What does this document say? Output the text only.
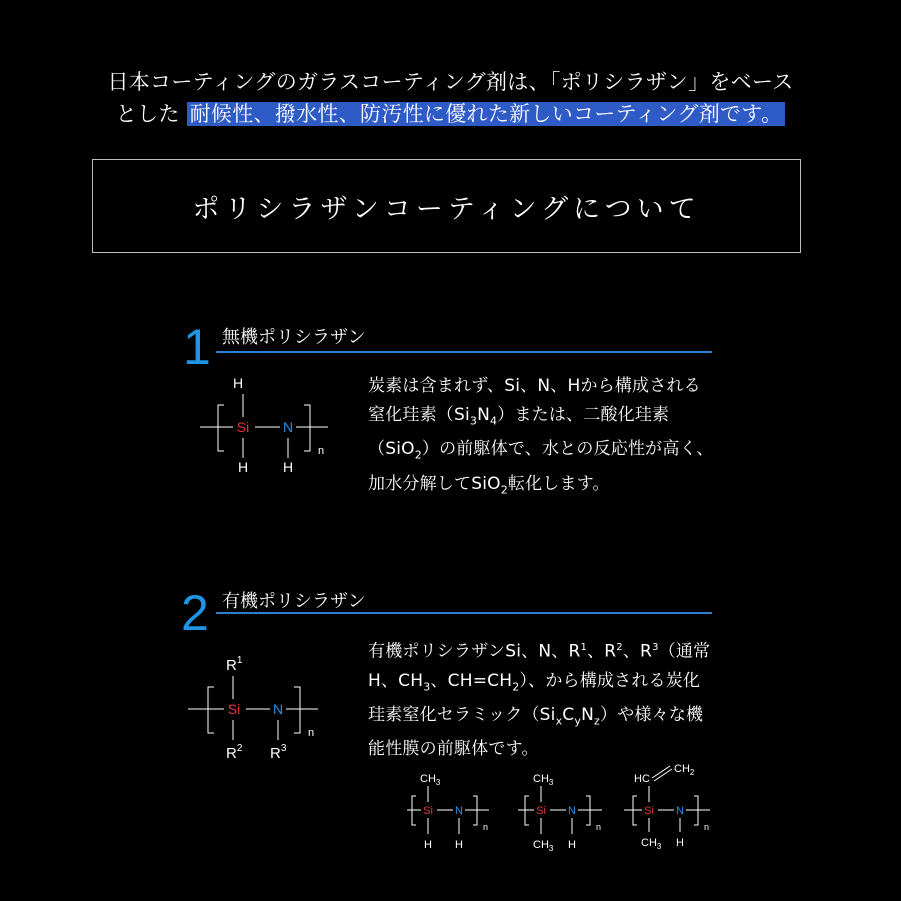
日本コーティングのガラスコーティング剤は、「ポリシラザン」をベース
とした 耐候性、撥水性、防汚性に優れた新しいコーティング剤です。
ポリシラザンコーティングについて
1 無機ポリシラザン
H
Si N
H H
n
炭素は含まれず、Si、N、Hから構成される
窒化珪素$(Si_3N_4)$または、二酸化珪素
（SiO$_2$）の前駆体で、水との反応性が高く、
加水分解してSiO$_2$転化します。
2 有機ポリシラザン
$R^1$
Si N
$R^2$ $R^3$
n
有機ポリシラザンSi、N、$R^1$、$R^2$、$R^3$（通常
H、$CH_3$、$CH=CH_2$）、から構成される炭化
珪素窒化セラミック$(Si_xC_yN_z)$や様々な機
能性膜の前駆体です。
$CH_3$
Si N
H H
n
$CH_3$
Si N
$CH_3$ H
n
$CH_2$
HC
Si N
$CH_3$ H
n
